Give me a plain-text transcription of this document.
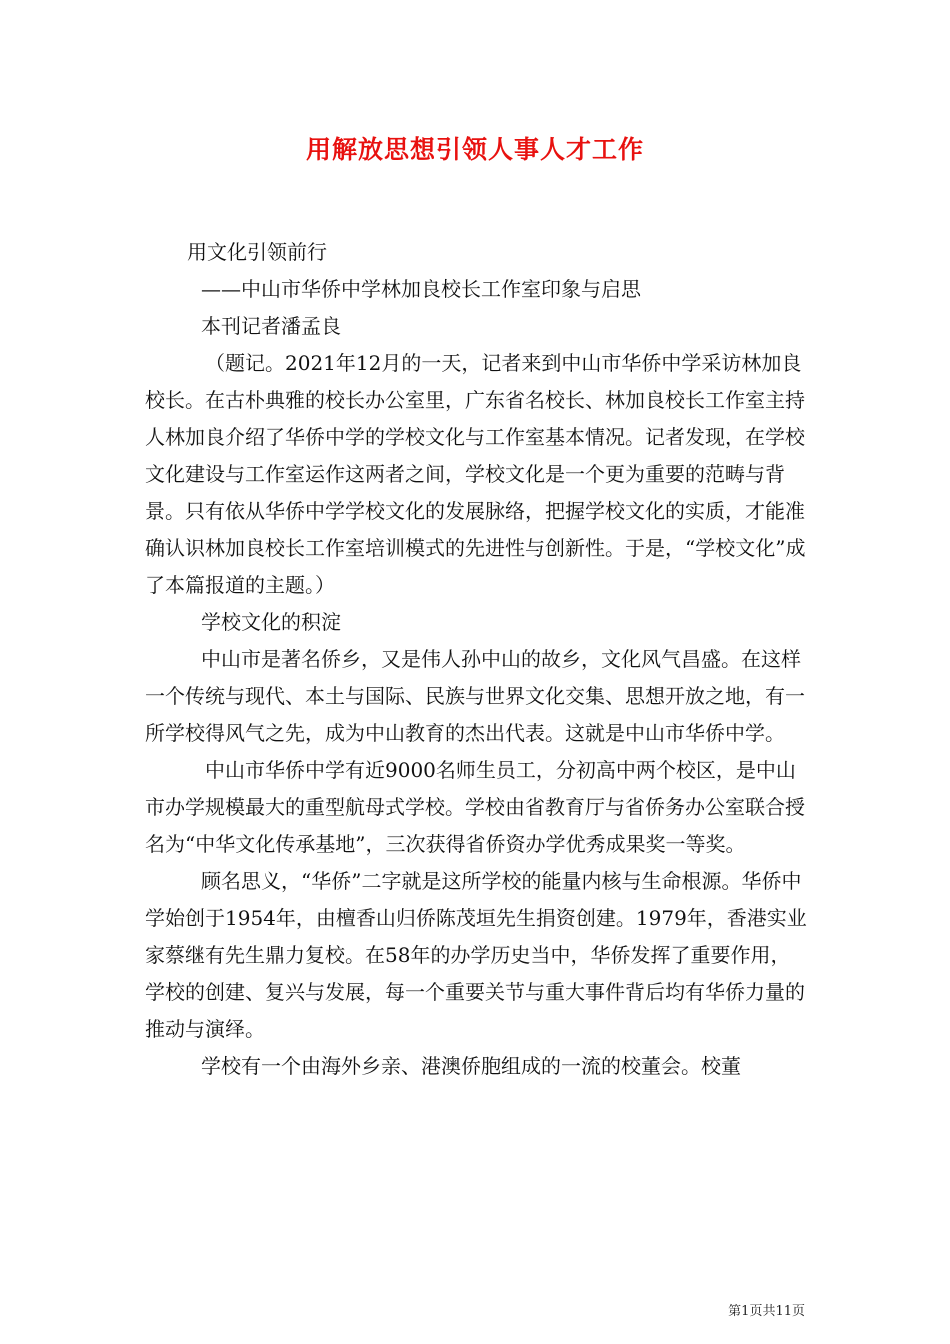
用解放思想引领人事人才工作

用文化引领前行

——中山市华侨中学林加良校长工作室印象与启思

本刊记者潘孟良

（题记。2021年12月的一天，记者来到中山市华侨中学采访林加良校长。在古朴典雅的校长办公室里，广东省名校长、林加良校长工作室主持人林加良介绍了华侨中学的学校文化与工作室基本情况。记者发现，在学校文化建设与工作室运作这两者之间，学校文化是一个更为重要的范畴与背景。只有依从华侨中学学校文化的发展脉络，把握学校文化的实质，才能准确认识林加良校长工作室培训模式的先进性与创新性。于是，“学校文化”成了本篇报道的主题。）

学校文化的积淀

中山市是著名侨乡，又是伟人孙中山的故乡，文化风气昌盛。在这样一个传统与现代、本土与国际、民族与世界文化交集、思想开放之地，有一所学校得风气之先，成为中山教育的杰出代表。这就是中山市华侨中学。

中山市华侨中学有近9000名师生员工，分初高中两个校区，是中山市办学规模最大的重型航母式学校。学校由省教育厅与省侨务办公室联合授名为“中华文化传承基地”，三次获得省侨资办学优秀成果奖一等奖。

顾名思义，“华侨”二字就是这所学校的能量内核与生命根源。华侨中学始创于1954年，由檀香山归侨陈茂垣先生捐资创建。1979年，香港实业家蔡继有先生鼎力复校。在58年的办学历史当中，华侨发挥了重要作用，学校的创建、复兴与发展，每一个重要关节与重大事件背后均有华侨力量的推动与演绎。

学校有一个由海外乡亲、港澳侨胞组成的一流的校董会。校董

第1页共11页
